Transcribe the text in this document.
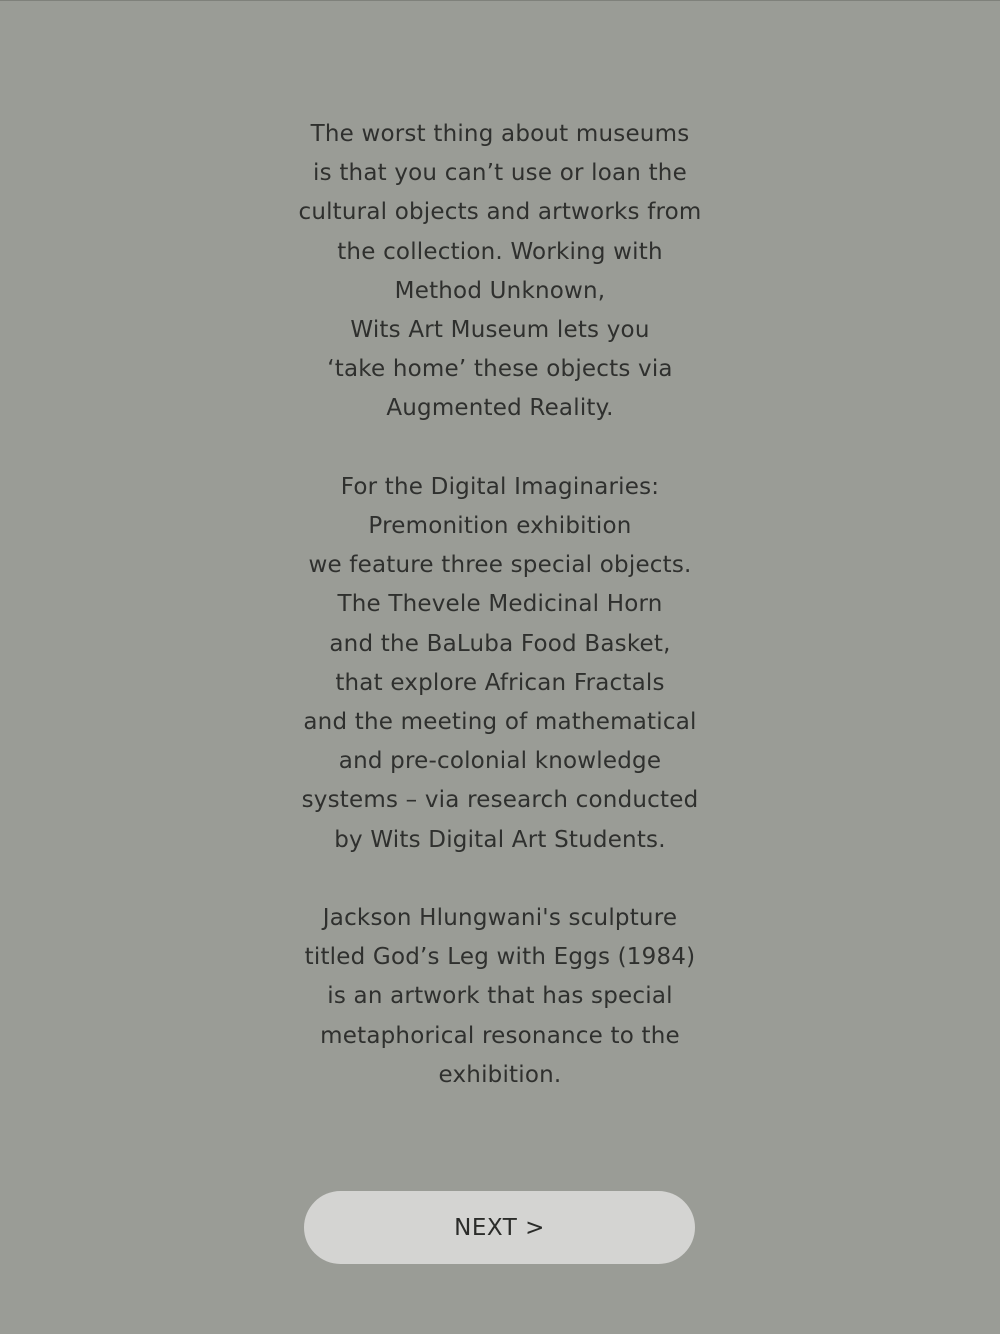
The worst thing about museums
is that you can’t use or loan the
cultural objects and artworks from
the collection. Working with
Method Unknown,
Wits Art Museum lets you
‘take home’ these objects via
Augmented Reality.

For the Digital Imaginaries:
Premonition exhibition
we feature three special objects.
The Thevele Medicinal Horn
and the BaLuba Food Basket,
that explore African Fractals
and the meeting of mathematical
and pre-colonial knowledge
systems – via research conducted
by Wits Digital Art Students.

Jackson Hlungwani's sculpture
titled God’s Leg with Eggs (1984)
is an artwork that has special
metaphorical resonance to the
exhibition.

NEXT >
